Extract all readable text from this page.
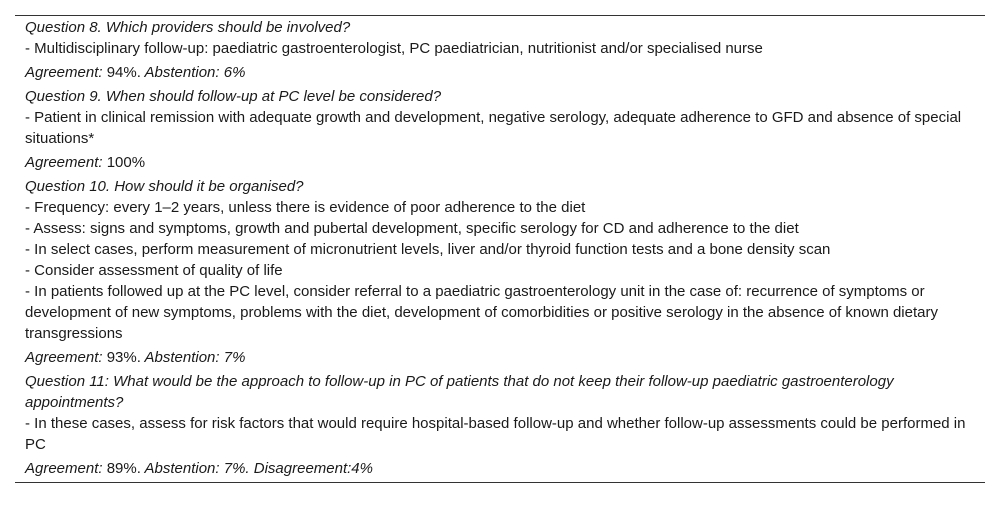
Question 8. Which providers should be involved?
- Multidisciplinary follow-up: paediatric gastroenterologist, PC paediatrician, nutritionist and/or specialised nurse
Agreement: 94%. Abstention: 6%
Question 9. When should follow-up at PC level be considered?
- Patient in clinical remission with adequate growth and development, negative serology, adequate adherence to GFD and absence of special situations*
Agreement: 100%
Question 10. How should it be organised?
- Frequency: every 1–2 years, unless there is evidence of poor adherence to the diet
- Assess: signs and symptoms, growth and pubertal development, specific serology for CD and adherence to the diet
- In select cases, perform measurement of micronutrient levels, liver and/or thyroid function tests and a bone density scan
- Consider assessment of quality of life
- In patients followed up at the PC level, consider referral to a paediatric gastroenterology unit in the case of: recurrence of symptoms or development of new symptoms, problems with the diet, development of comorbidities or positive serology in the absence of known dietary transgressions
Agreement: 93%. Abstention: 7%
Question 11: What would be the approach to follow-up in PC of patients that do not keep their follow-up paediatric gastroenterology appointments?
- In these cases, assess for risk factors that would require hospital-based follow-up and whether follow-up assessments could be performed in PC
Agreement: 89%. Abstention: 7%. Disagreement:4%
